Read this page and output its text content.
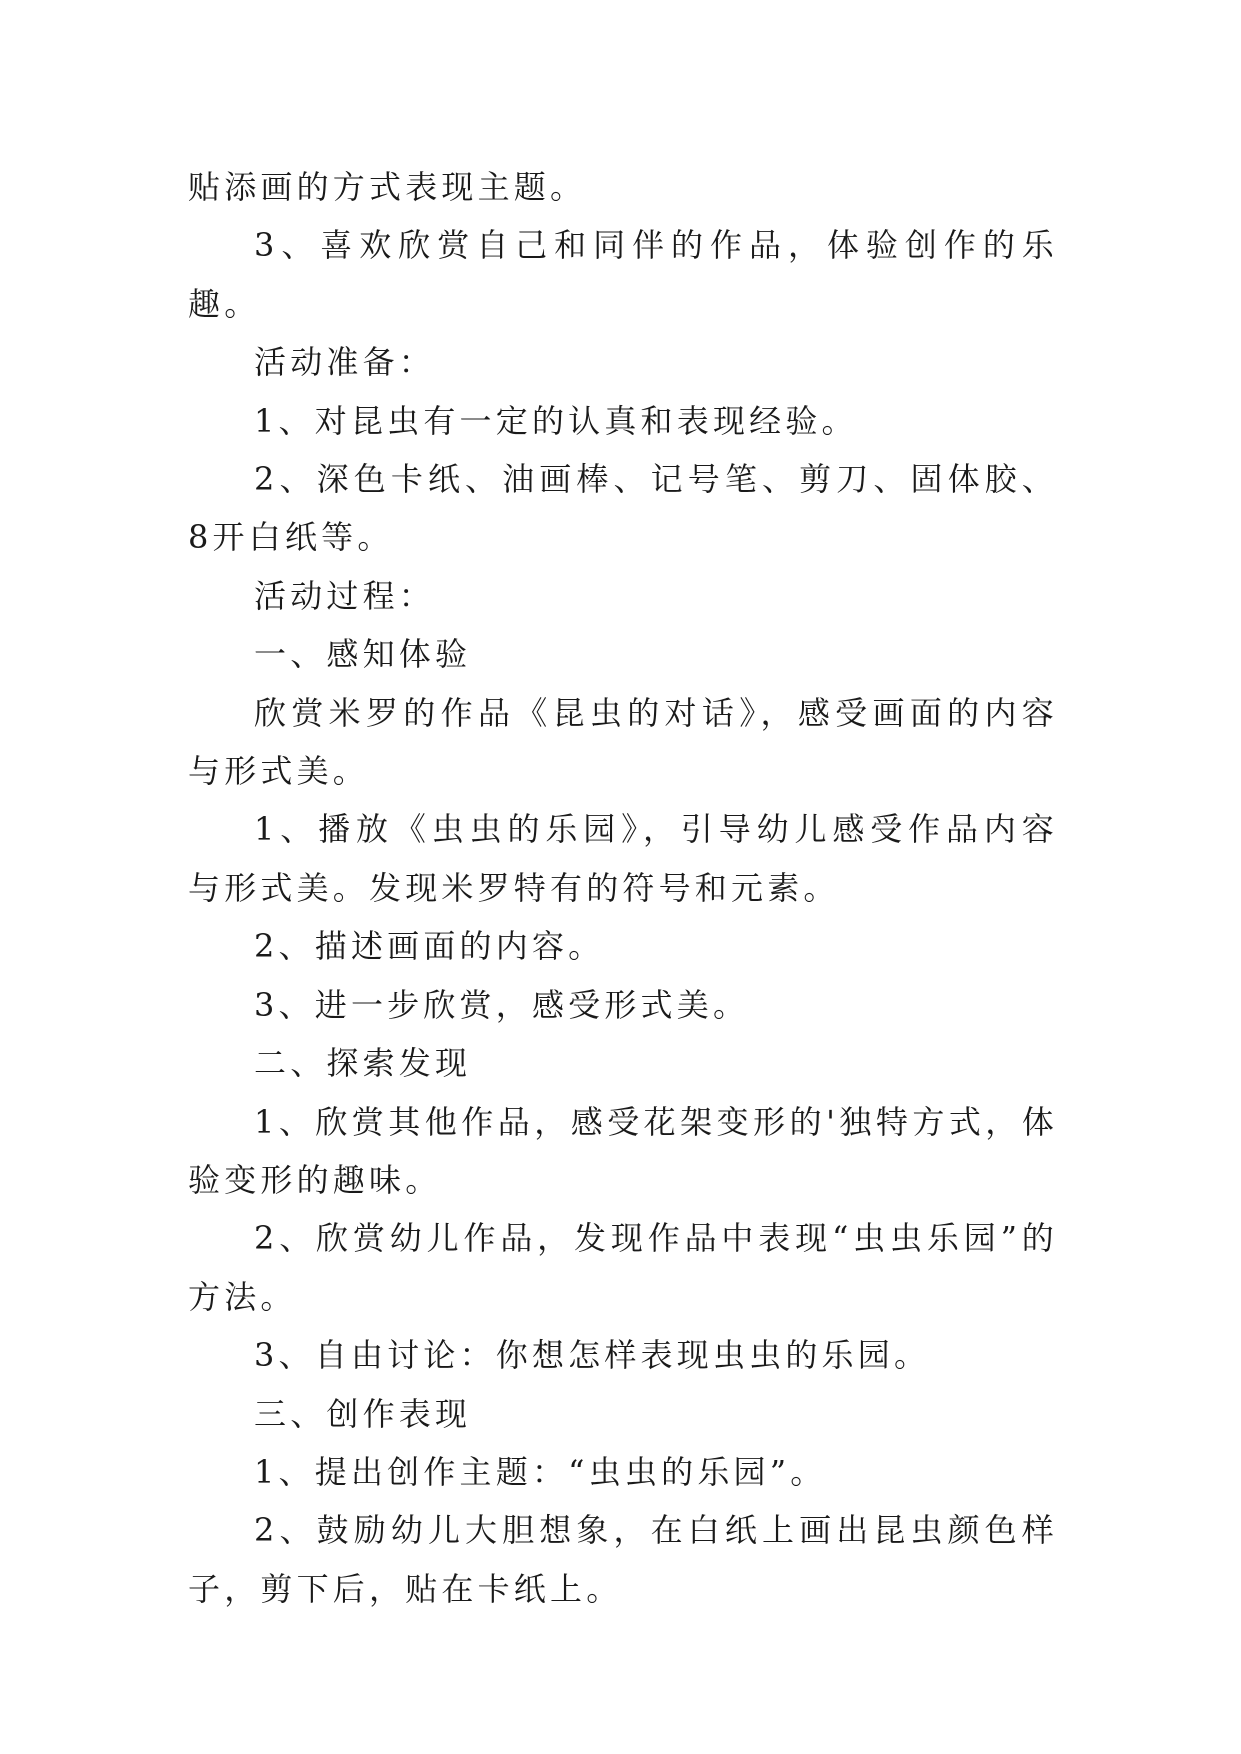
贴添画的方式表现主题。

3、喜欢欣赏自己和同伴的作品，体验创作的乐趣。

活动准备：

1、对昆虫有一定的认真和表现经验。

2、深色卡纸、油画棒、记号笔、剪刀、固体胶、8开白纸等。

活动过程：

一、感知体验

欣赏米罗的作品《昆虫的对话》，感受画面的内容与形式美。

1、播放《虫虫的乐园》，引导幼儿感受作品内容与形式美。发现米罗特有的符号和元素。

2、描述画面的内容。

3、进一步欣赏，感受形式美。

二、探索发现

1、欣赏其他作品，感受花架变形的'独特方式，体验变形的趣味。

2、欣赏幼儿作品，发现作品中表现“虫虫乐园”的方法。

3、自由讨论：你想怎样表现虫虫的乐园。

三、创作表现

1、提出创作主题：“虫虫的乐园”。

2、鼓励幼儿大胆想象，在白纸上画出昆虫颜色样子，剪下后，贴在卡纸上。
